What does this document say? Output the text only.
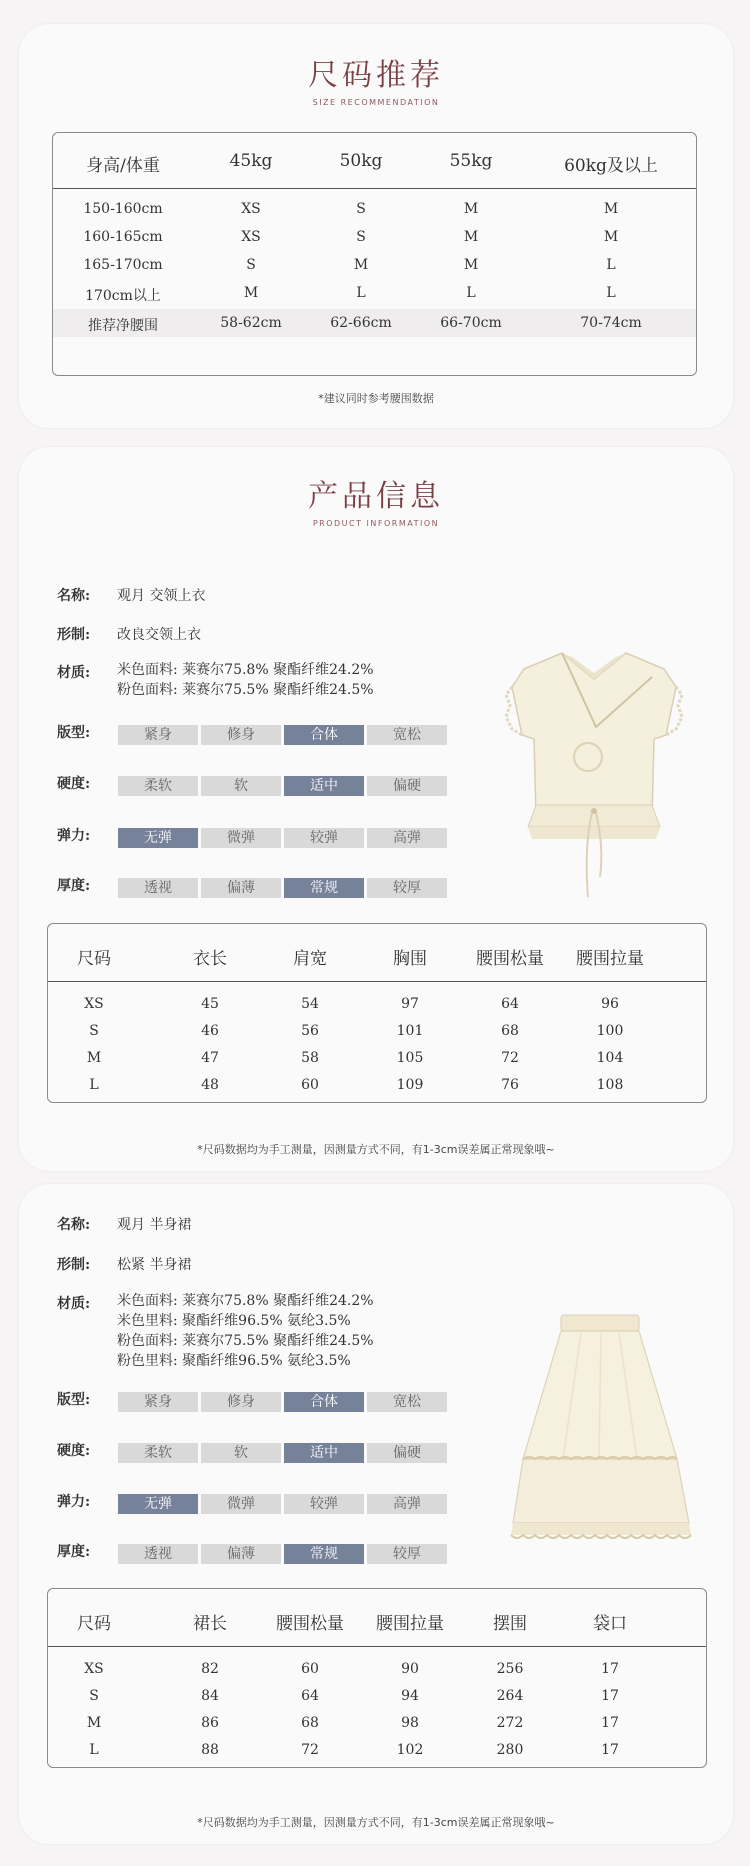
尺码推荐
SIZE RECOMMENDATION
身高/体重	45kg	50kg	55kg	60kg及以上
150-160cm	XS	S	M	M
160-165cm	XS	S	M	M
165-170cm	S	M	M	L
170cm以上	M	L	L	L
推荐净腰围	58-62cm	62-66cm	66-70cm	70-74cm
*建议同时参考腰围数据
产品信息
PRODUCT INFORMATION
名称: 观月 交领上衣
形制: 改良交领上衣
材质: 米色面料: 莱赛尔75.8% 聚酯纤维24.2%
粉色面料: 莱赛尔75.5% 聚酯纤维24.5%
版型:	紧身	修身	合体	宽松
硬度:	柔软	软	适中	偏硬
弹力:	无弹	微弹	较弹	高弹
厚度:	透视	偏薄	常规	较厚
尺码	衣长	肩宽	胸围	腰围松量	腰围拉量
XS	45	54	97	64	96
S	46	56	101	68	100
M	47	58	105	72	104
L	48	60	109	76	108
*尺码数据均为手工测量，因测量方式不同，有1-3cm误差属正常现象哦~
名称: 观月 半身裙
形制: 松紧 半身裙
材质: 米色面料: 莱赛尔75.8% 聚酯纤维24.2%
米色里料: 聚酯纤维96.5% 氨纶3.5%
粉色面料: 莱赛尔75.5% 聚酯纤维24.5%
粉色里料: 聚酯纤维96.5% 氨纶3.5%
版型:	紧身	修身	合体	宽松
硬度:	柔软	软	适中	偏硬
弹力:	无弹	微弹	较弹	高弹
厚度:	透视	偏薄	常规	较厚
尺码	裙长	腰围松量	腰围拉量	摆围	袋口
XS	82	60	90	256	17
S	84	64	94	264	17
M	86	68	98	272	17
L	88	72	102	280	17
*尺码数据均为手工测量，因测量方式不同，有1-3cm误差属正常现象哦~
